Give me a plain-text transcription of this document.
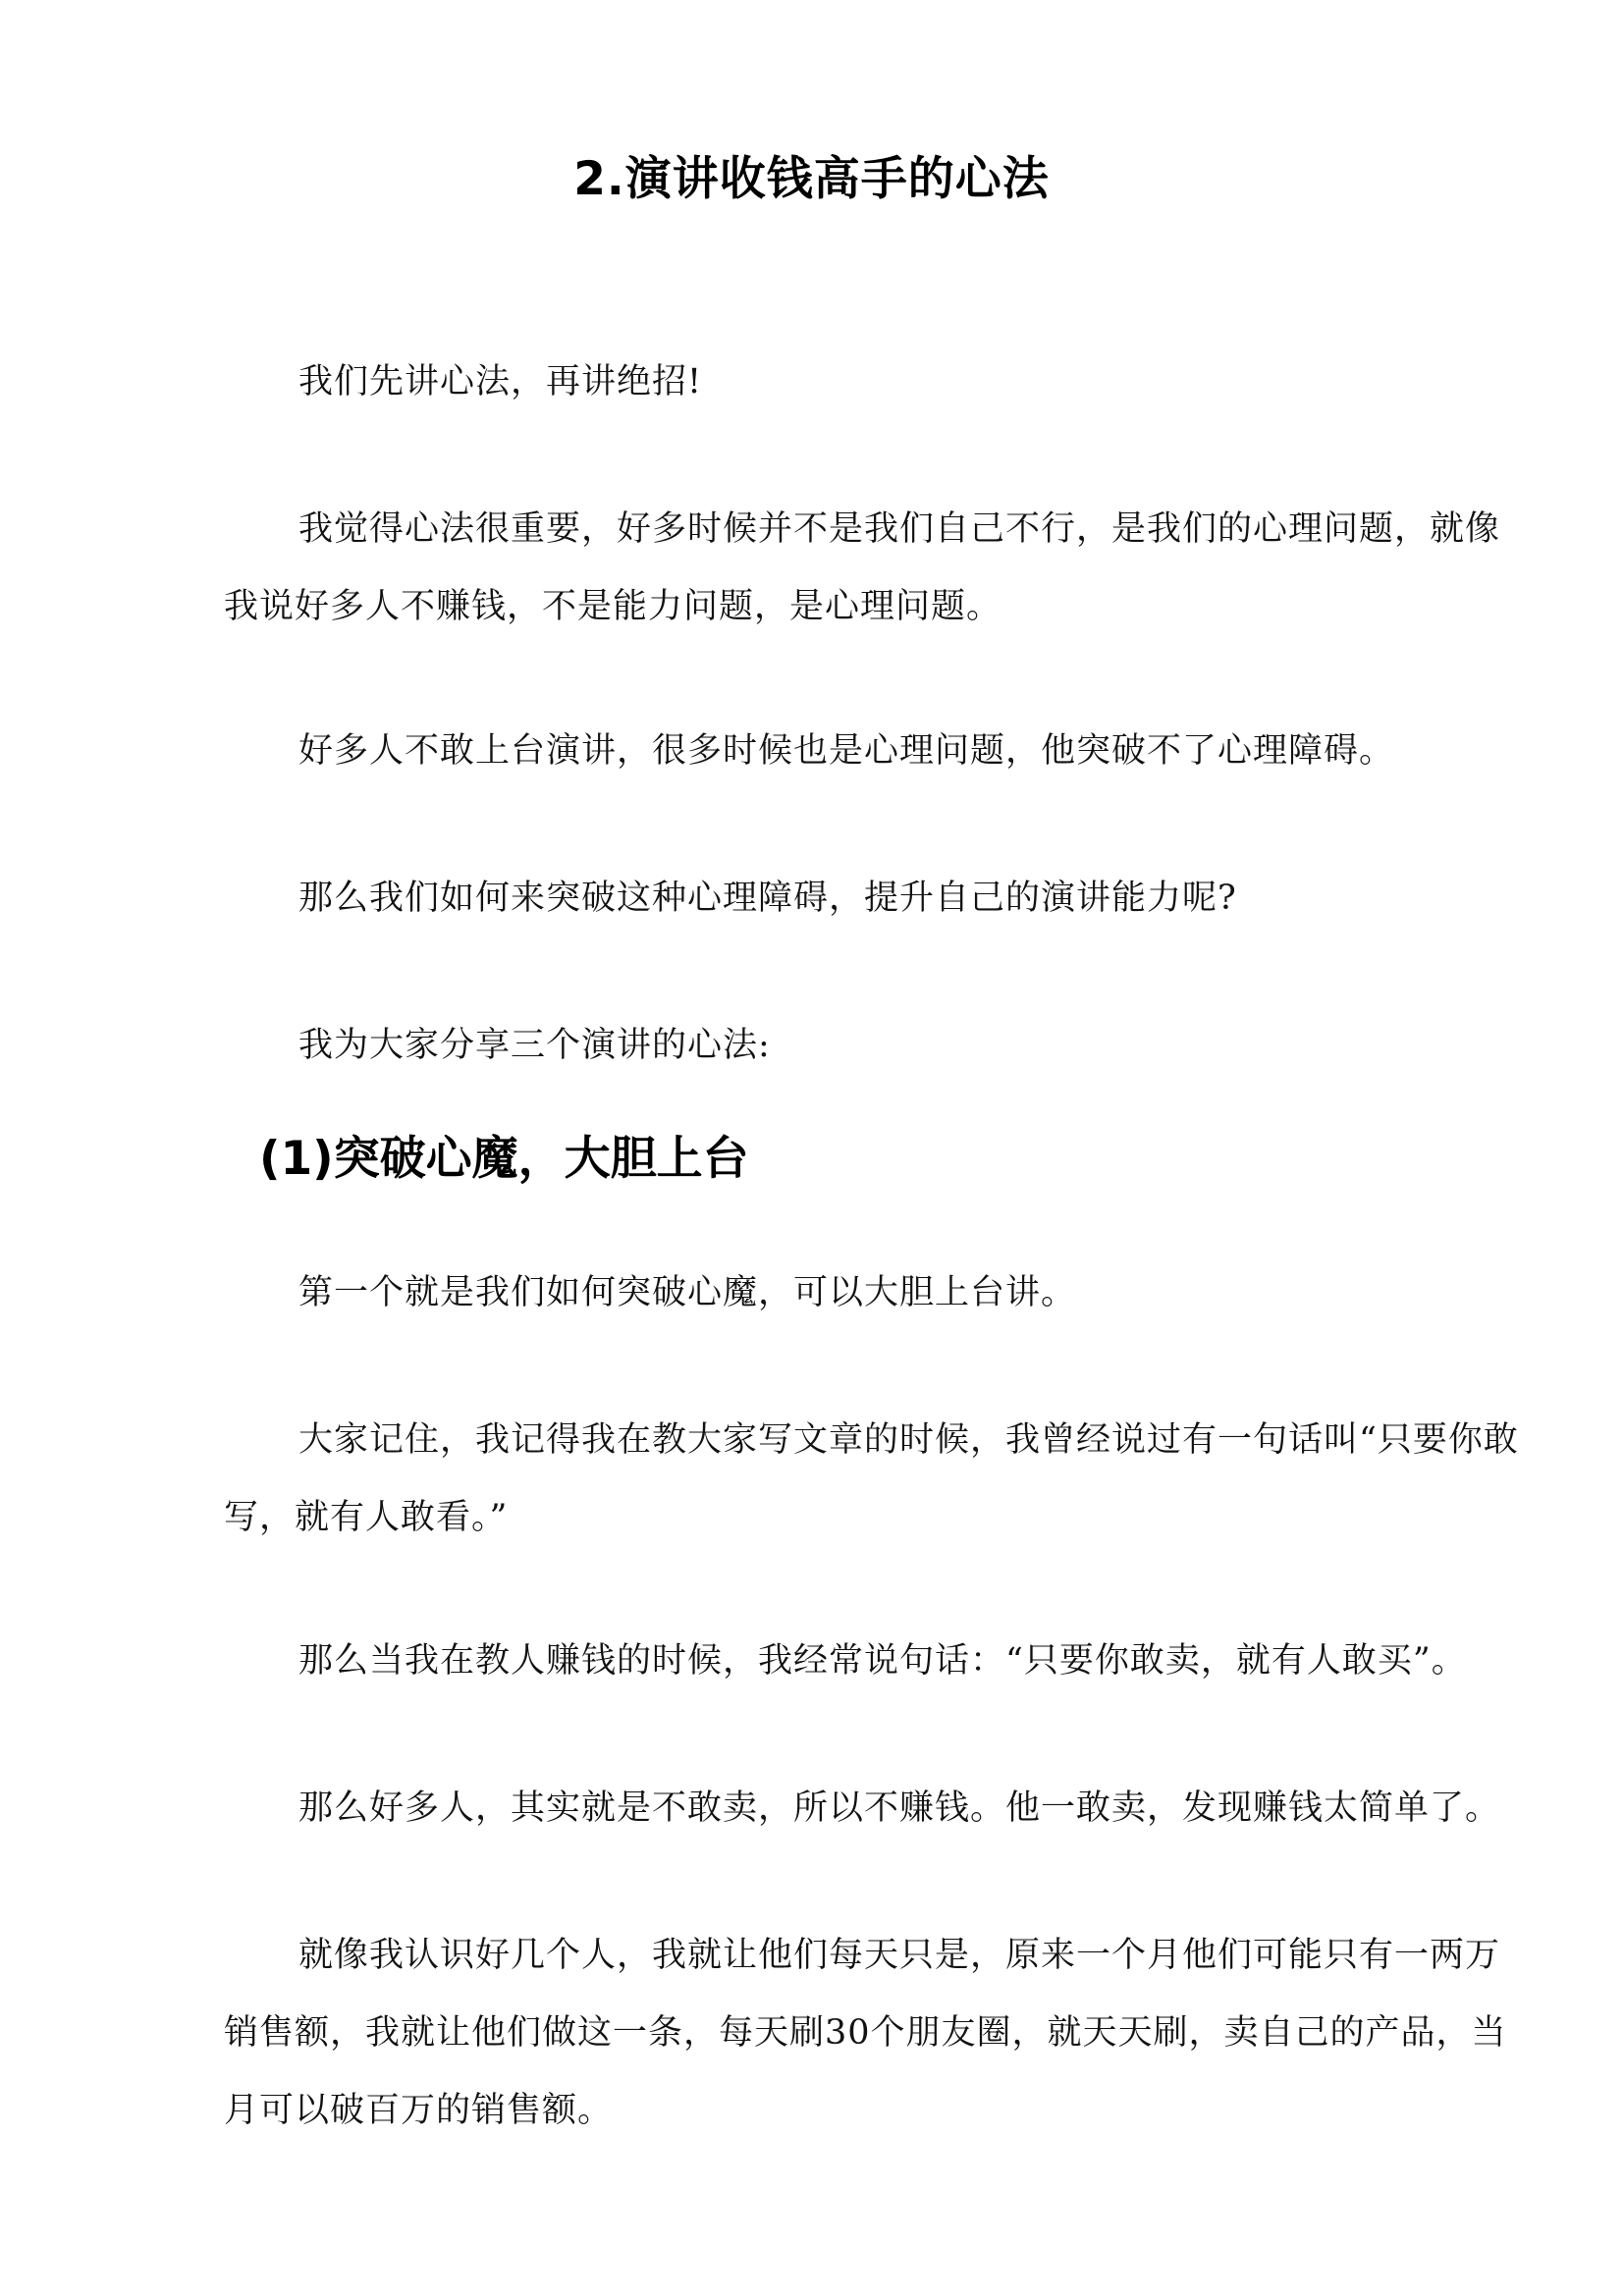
2.演讲收钱高手的心法

我们先讲心法，再讲绝招!

我觉得心法很重要，好多时候并不是我们自己不行，是我们的心理问题，就像我说好多人不赚钱，不是能力问题，是心理问题。

好多人不敢上台演讲，很多时候也是心理问题，他突破不了心理障碍。

那么我们如何来突破这种心理障碍，提升自己的演讲能力呢?

我为大家分享三个演讲的心法:

(1)突破心魔，大胆上台

第一个就是我们如何突破心魔，可以大胆上台讲。

大家记住，我记得我在教大家写文章的时候，我曾经说过有一句话叫“只要你敢写，就有人敢看。”

那么当我在教人赚钱的时候，我经常说句话：“只要你敢卖，就有人敢买”。

那么好多人，其实就是不敢卖，所以不赚钱。他一敢卖，发现赚钱太简单了。

就像我认识好几个人，我就让他们每天只是，原来一个月他们可能只有一两万销售额，我就让他们做这一条，每天刷30个朋友圈，就天天刷，卖自己的产品，当月可以破百万的销售额。
